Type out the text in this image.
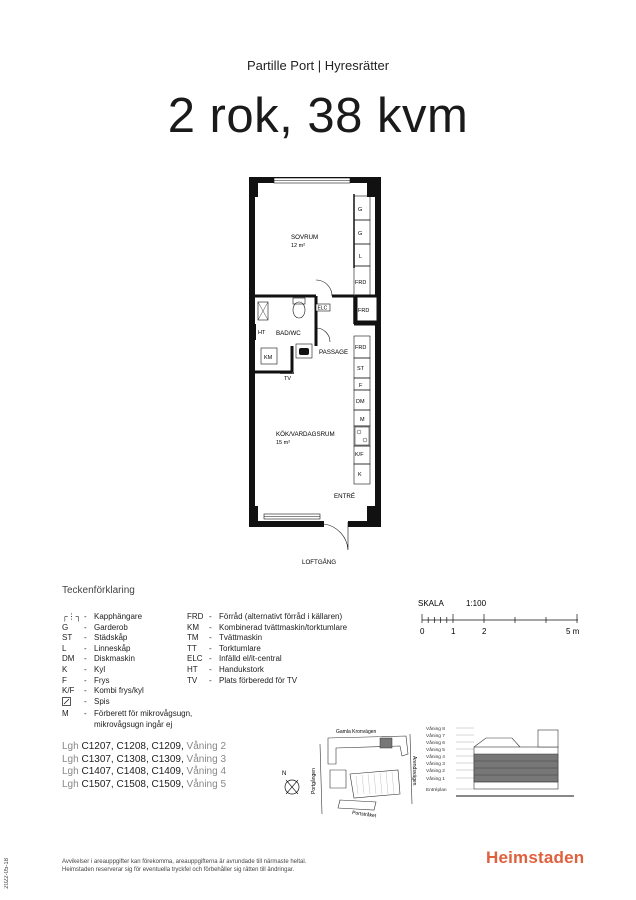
Partille Port | Hyresrätter
2 rok, 38 kvm
G
G
L
FRD
FRD
FRD
ST
F
DM
M
K/F
K
ELC
HT
KM
TV
SOVRUM
12 m²
BAD/WC
PASSAGE
KÖK/VARDAGSRUM
15 m²
ENTRÉ
LOFTGÅNG
Teckenförklaring
┌⋮┐ - Kapphängare
G	- Garderob
ST	- Städskåp
L	- Linneskåp
DM	- Diskmaskin
K	- Kyl
F	- Frys
K/F	- Kombi frys/kyl
- Spis
M	- Förberett för mikrovågsugn, mikrovågsugn ingår ej
FRD - Förråd (alternativt förråd i källaren)
KM	- Kombinerad tvättmaskin/torktumlare
TM	- Tvättmaskin
TT	- Torktumlare
ELC - Infälld el/it-central
HT	- Handukstork
TV	- Plats förberedd för TV
SKALA	1:100
0	1	2	5 m
Lgh C1207, C1208, C1209, Våning 2
Lgh C1307, C1308, C1309, Våning 3
Lgh C1407, C1408, C1409, Våning 4
Lgh C1507, C1508, C1509, Våning 5
N
Gamla Kronvägen
Portgången	Arendsvägen
Portstråket
Våning 8
Våning 7
Våning 6
Våning 5
Våning 4
Våning 3
Våning 2
Våning 1
Entréplan
Avvikelser i areauppgifter kan förekomma, areauppgifterna är avrundade till närmaste heltal.
Heimstaden reserverar sig för eventuella tryckfel och förbehåller sig rätten till ändringar.
2022-05-18
Heimstaden
